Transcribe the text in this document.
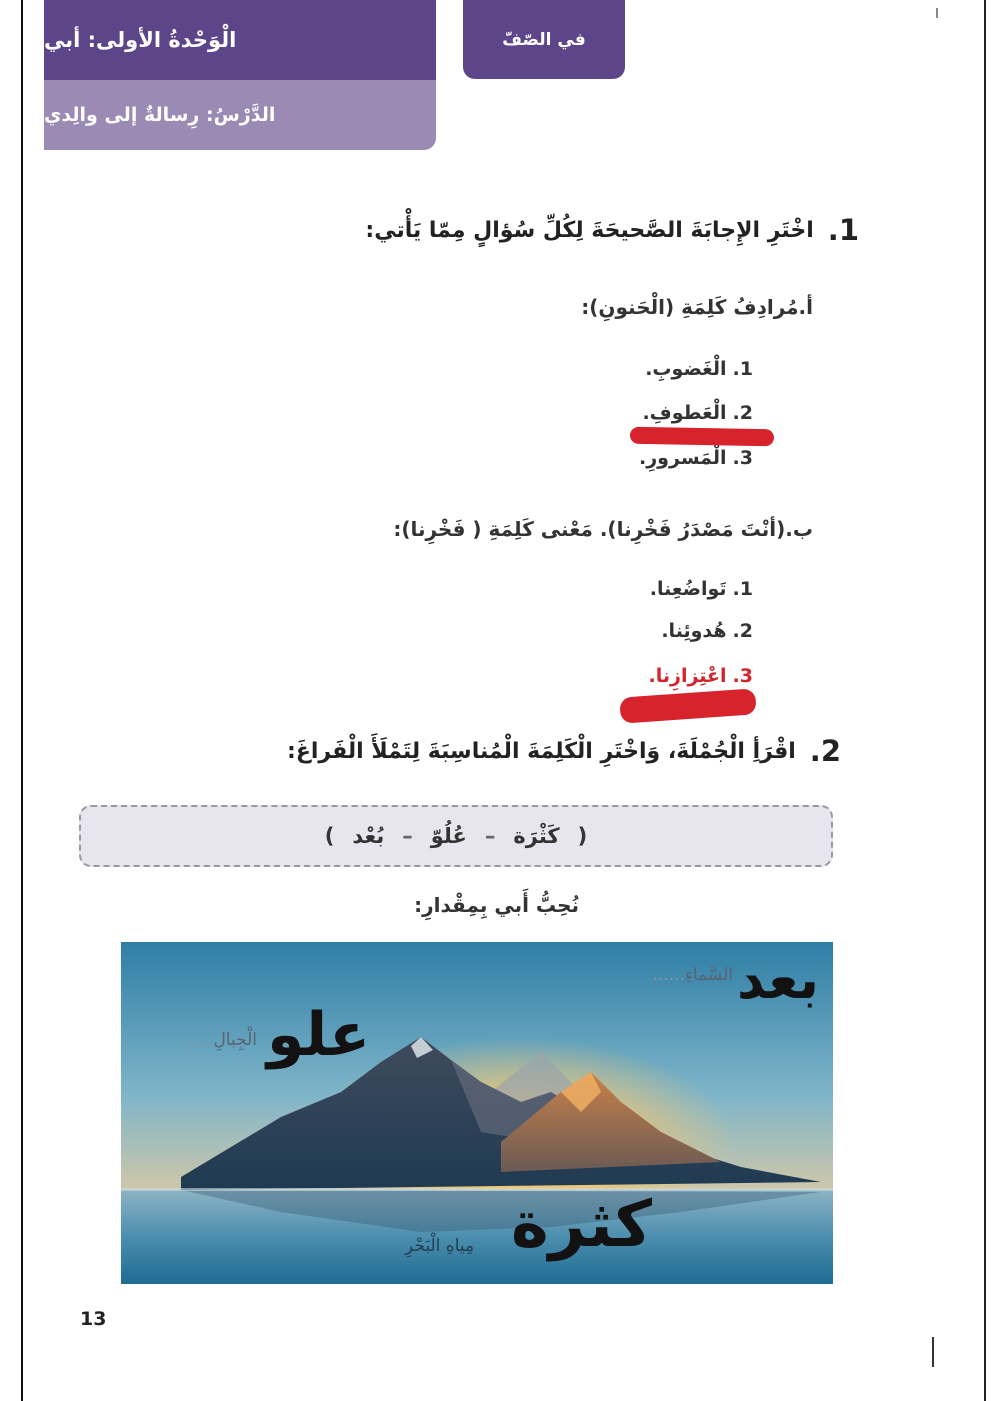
الْوَحْدةُ الأولى: أبي
الدَّرْسُ: رِسالةٌ إلى والِدي
في الصّفّ
1.
اخْتَرِ الإِجابَةَ الصَّحيحَةَ لِكُلِّ سُؤالٍ مِمّا يَأْتي:
أ.مُرادِفُ كَلِمَةِ (الْحَنونِ):
1.الْغَضوبِ.
2.الْعَطوفِ.
3.الْمَسرورِ.
ب.(أنْتَ مَصْدَرُ فَخْرِنا). مَعْنى كَلِمَةِ ( فَخْرِنا):
1.تَواضُعِنا.
2.هُدوئِنا.
3.اعْتِزازِنا.
2.
اقْرَأِ الْجُمْلَةَ، وَاخْتَرِ الْكَلِمَةَ الْمُناسِبَةَ لِتَمْلَأَ الْفَراغَ:
(
كَثْرَة
–
عُلُوّ
–
بُعْد
)
نُحِبُّ أَبي بِمِقْدارِ:
السَّماءِ...... بعد
الْجِبالِ...... علو
مِياهِ الْبَحْرِ كثرة
13
